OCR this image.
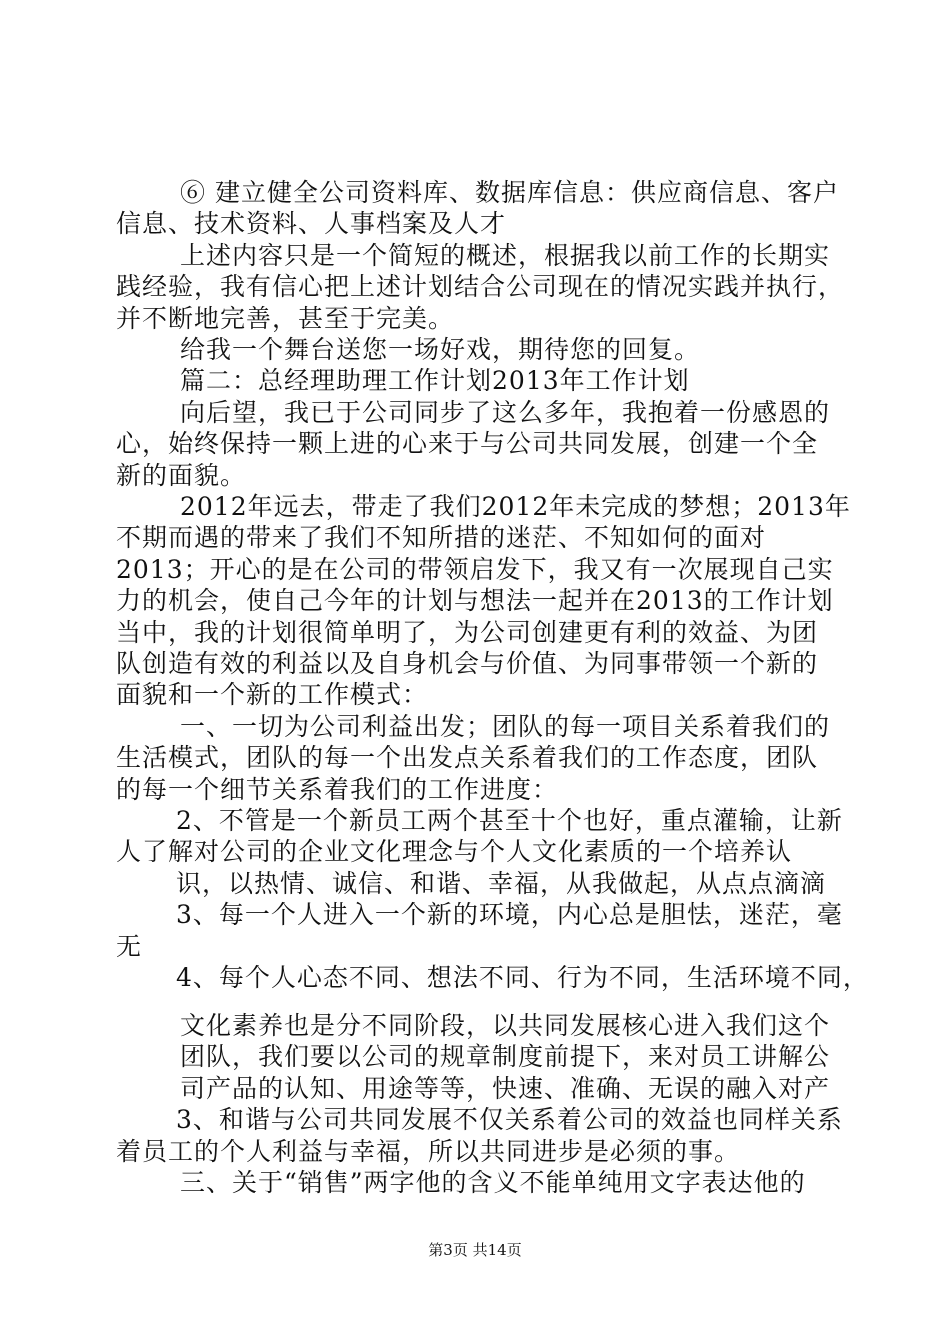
⑥ 建立健全公司资料库、数据库信息：供应商信息、客户
信息、技术资料、人事档案及人才
上述内容只是一个简短的概述，根据我以前工作的长期实
践经验，我有信心把上述计划结合公司现在的情况实践并执行，
并不断地完善，甚至于完美。
给我一个舞台送您一场好戏，期待您的回复。
篇二：总经理助理工作计划2013年工作计划
向后望，我已于公司同步了这么多年，我抱着一份感恩的
心，始终保持一颗上进的心来于与公司共同发展，创建一个全
新的面貌。
2012年远去，带走了我们2012年未完成的梦想；2013年
不期而遇的带来了我们不知所措的迷茫、不知如何的面对
2013；开心的是在公司的带领启发下，我又有一次展现自己实
力的机会，使自己今年的计划与想法一起并在2013的工作计划
当中，我的计划很简单明了，为公司创建更有利的效益、为团
队创造有效的利益以及自身机会与价值、为同事带领一个新的
面貌和一个新的工作模式：
一、一切为公司利益出发；团队的每一项目关系着我们的
生活模式，团队的每一个出发点关系着我们的工作态度，团队
的每一个细节关系着我们的工作进度：
2、不管是一个新员工两个甚至十个也好，重点灌输，让新
人了解对公司的企业文化理念与个人文化素质的一个培养认
识，以热情、诚信、和谐、幸福，从我做起，从点点滴滴
3、每一个人进入一个新的环境，内心总是胆怯，迷茫，毫
无
4、每个人心态不同、想法不同、行为不同，生活环境不同，
文化素养也是分不同阶段，以共同发展核心进入我们这个
团队，我们要以公司的规章制度前提下，来对员工讲解公
司产品的认知、用途等等，快速、准确、无误的融入对产
3、和谐与公司共同发展不仅关系着公司的效益也同样关系
着员工的个人利益与幸福，所以共同进步是必须的事。
三、关于“销售”两字他的含义不能单纯用文字表达他的
第3页 共14页
